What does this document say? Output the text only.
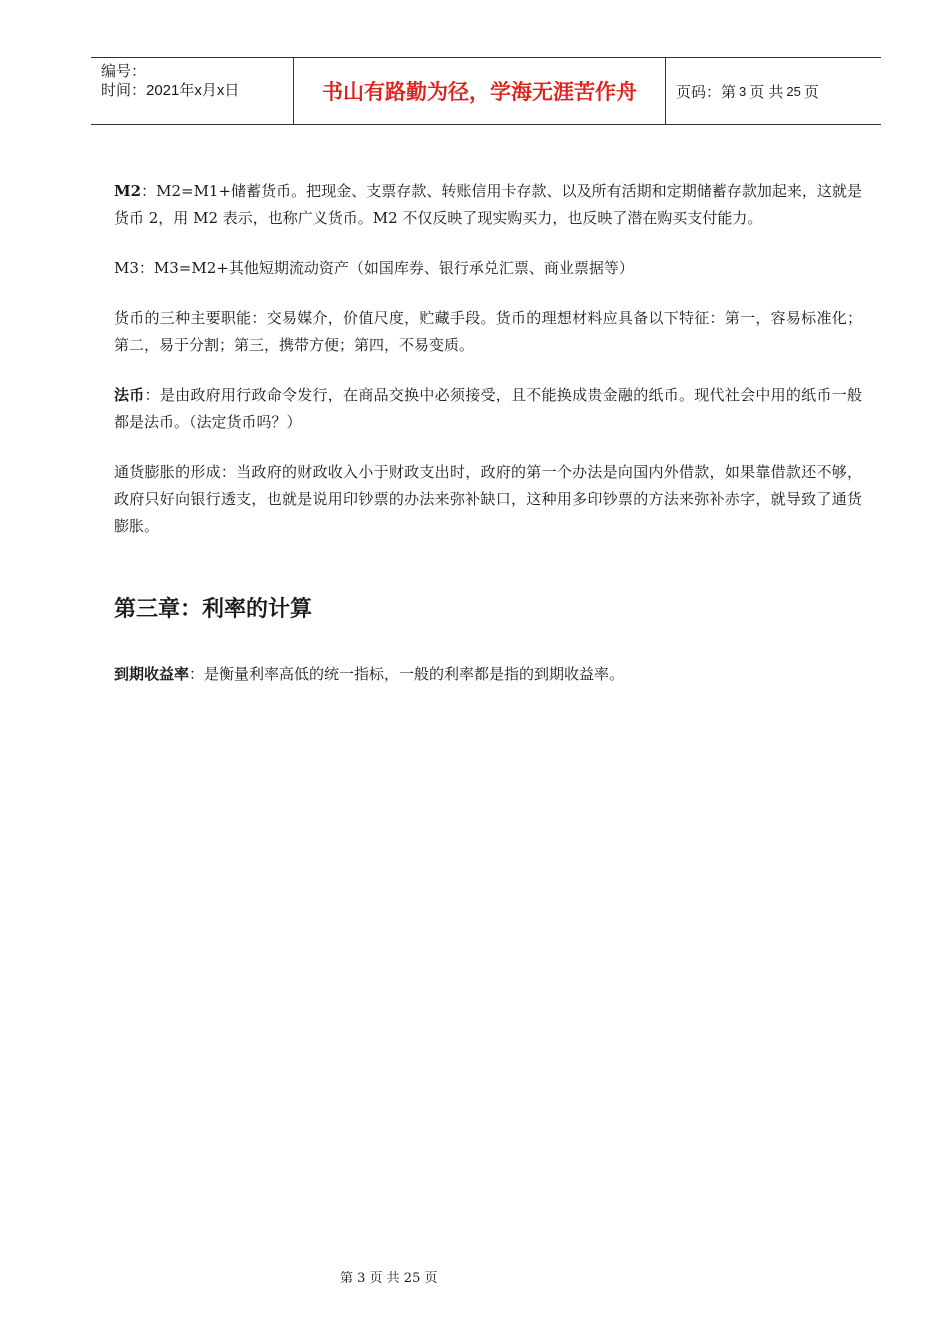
编号：
时间：2021年x月x日	书山有路勤为径，学海无涯苦作舟	页码：第 3 页 共 25 页

M2：M2=M1+储蓄货币。把现金、支票存款、转账信用卡存款、以及所有活期和定期储蓄存款加起来，这就是货币 2，用 M2 表示，也称广义货币。M2 不仅反映了现实购买力，也反映了潜在购买支付能力。

M3：M3=M2+其他短期流动资产（如国库券、银行承兑汇票、商业票据等）

货币的三种主要职能：交易媒介，价值尺度，贮藏手段。货币的理想材料应具备以下特征：第一，容易标准化；第二，易于分割；第三，携带方便；第四，不易变质。

法币：是由政府用行政命令发行，在商品交换中必须接受，且不能换成贵金融的纸币。现代社会中用的纸币一般都是法币。（法定货币吗？）

通货膨胀的形成：当政府的财政收入小于财政支出时，政府的第一个办法是向国内外借款，如果靠借款还不够，政府只好向银行透支，也就是说用印钞票的办法来弥补缺口，这种用多印钞票的方法来弥补赤字，就导致了通货膨胀。

第三章：利率的计算

到期收益率：是衡量利率高低的统一指标，一般的利率都是指的到期收益率。

第 3 页 共 25 页
